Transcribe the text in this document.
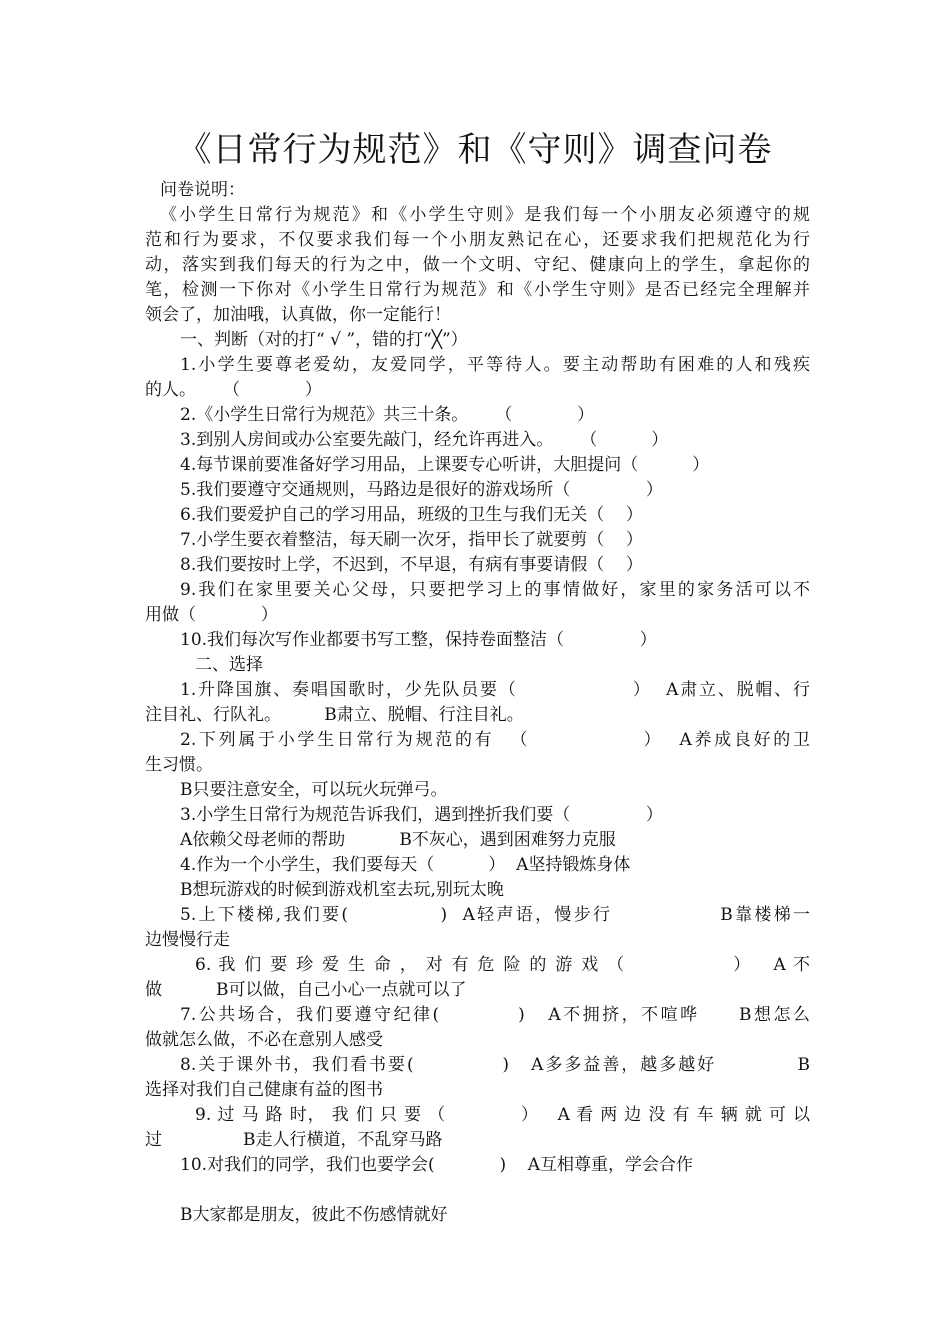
《日常行为规范》和《守则》调查问卷
问卷说明：
《小学生日常行为规范》和《小学生守则》是我们每一个小朋友必须遵守的规
范和行为要求，不仅要求我们每一个小朋友熟记在心，还要求我们把规范化为行
动，落实到我们每天的行为之中，做一个文明、守纪、健康向上的学生，拿起你的
笔，检测一下你对《小学生日常行为规范》和《小学生守则》是否已经完全理解并
领会了，加油哦，认真做，你一定能行！
一、判断（对的打“ √ ”，错的打“╳”）
1.小学生要尊老爱幼，友爱同学，平等待人。要主动帮助有困难的人和残疾
的人。     （            ）
2.《小学生日常行为规范》共三十条。     （            ）
3.到别人房间或办公室要先敲门，经允许再进入。     （          ）
4.每节课前要准备好学习用品，上课要专心听讲，大胆提问（          ）
5.我们要遵守交通规则，马路边是很好的游戏场所（              ）
6.我们要爱护自己的学习用品，班级的卫生与我们无关（    ）
7.小学生要衣着整洁，每天刷一次牙，指甲长了就要剪（    ）
8.我们要按时上学，不迟到，不早退，有病有事要请假（    ）
9.我们在家里要关心父母，只要把学习上的事情做好，家里的家务活可以不
用做（            ）
10.我们每次写作业都要书写工整，保持卷面整洁（              ）
二、选择
1.升降国旗、奏唱国歌时，少先队员要（                ）  A肃立、脱帽、行
注目礼、行队礼。        B肃立、脱帽、行注目礼。
2.下列属于小学生日常行为规范的有  （              ）  A养成良好的卫
生习惯。
B只要注意安全，可以玩火玩弹弓。
3.小学生日常行为规范告诉我们，遇到挫折我们要（              ）
A依赖父母老师的帮助          B不灰心，遇到困难努力克服
4.作为一个小学生，我们要每天（          ）  A坚持锻炼身体
B想玩游戏的时候到游戏机室去玩,别玩太晚
5.上下楼梯,我们要(            )  A轻声语，慢步行              B靠楼梯一
边慢慢行走
6. 我 们 要 珍 爱 生 命 ， 对 有 危 险 的 游 戏 （               ）   A 不
做          B可以做，自己小心一点就可以了
7.公共场合，我们要遵守纪律(          )   A不拥挤，不喧哗     B想怎么
做就怎么做，不必在意别人感受
8.关于课外书，我们看书要(            )   A多多益善，越多越好           B
选择对我们自己健康有益的图书
9. 过 马 路 时， 我 们 只 要 （            ）   A 看 两 边 没 有 车 辆 就 可 以
过               B走人行横道，不乱穿马路
10.对我们的同学，我们也要学会(            )    A互相尊重，学会合作
B大家都是朋友，彼此不伤感情就好
